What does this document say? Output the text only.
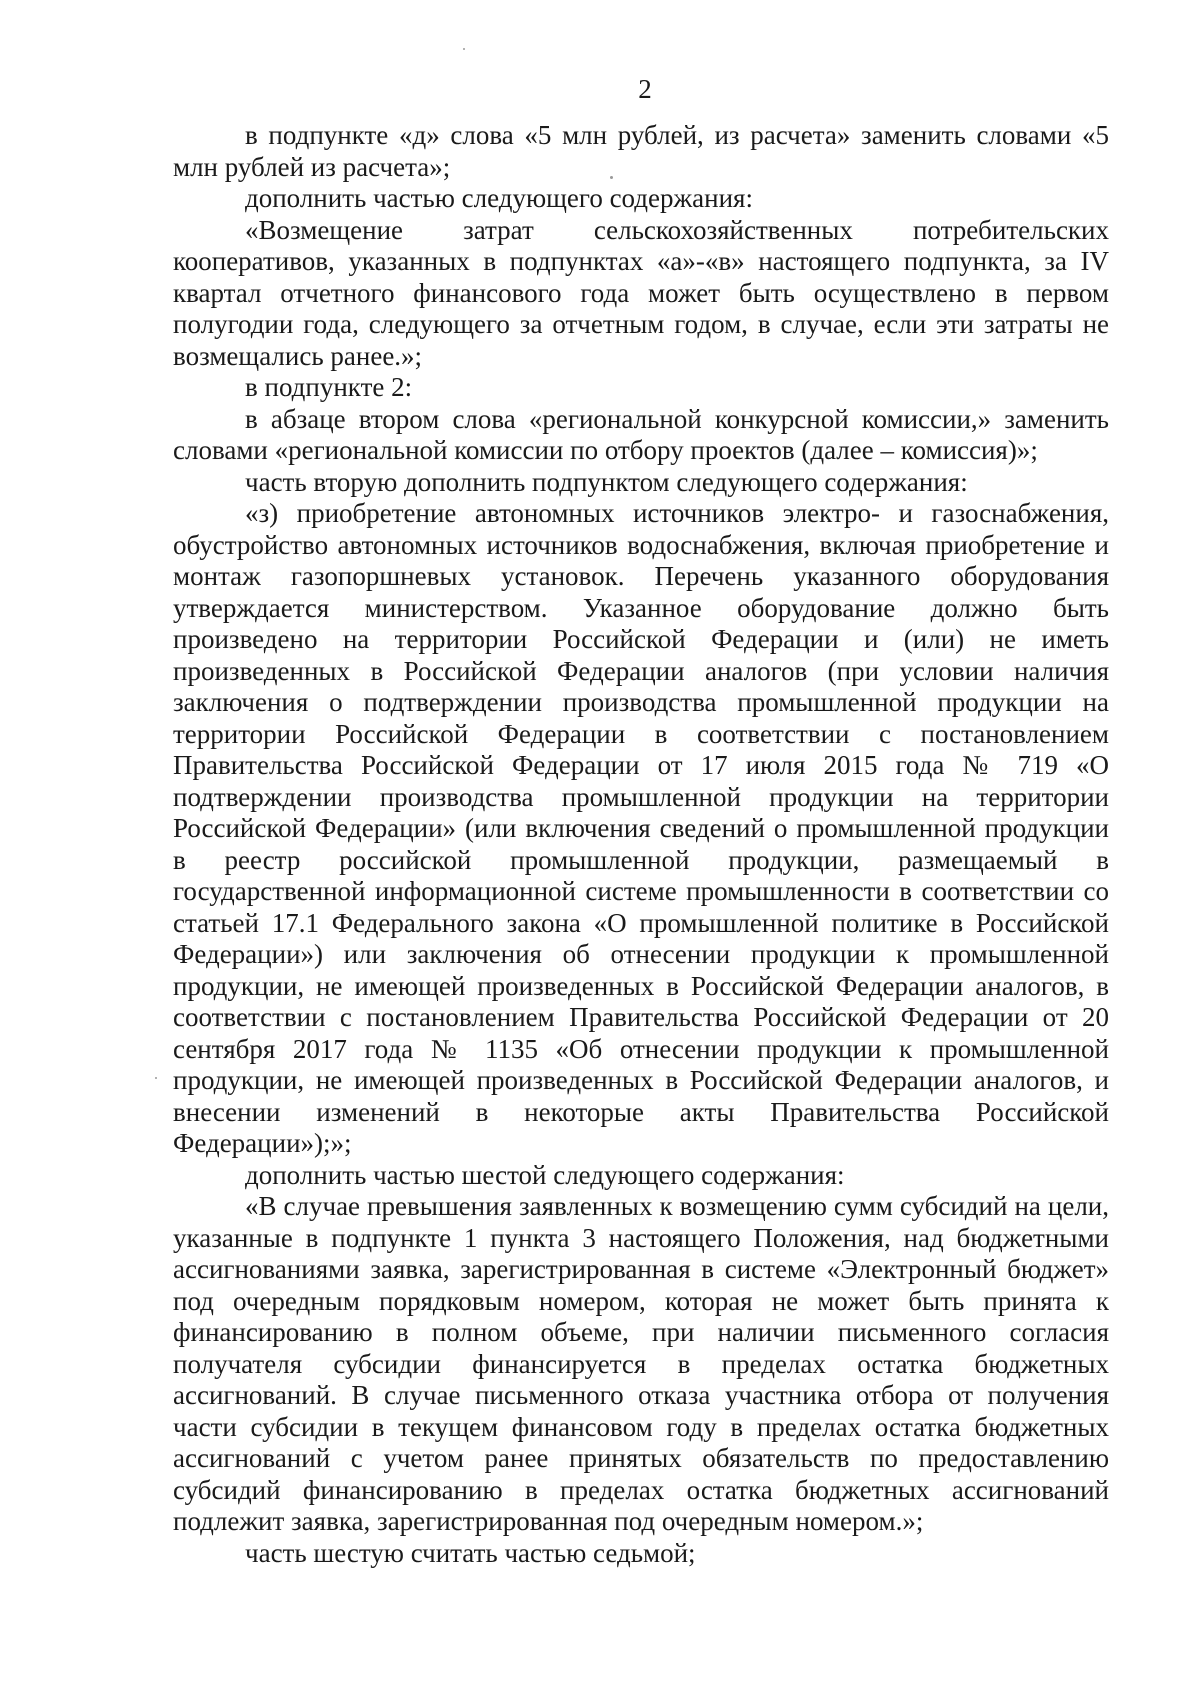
2

в подпункте «д» слова «5 млн рублей, из расчета» заменить словами «5 млн рублей из расчета»;

дополнить частью следующего содержания:

«Возмещение затрат сельскохозяйственных потребительских кооперативов, указанных в подпунктах «а»-«в» настоящего подпункта, за IV квартал отчетного финансового года может быть осуществлено в первом полугодии года, следующего за отчетным годом, в случае, если эти затраты не возмещались ранее.»;

в подпункте 2:

в абзаце втором слова «региональной конкурсной комиссии,» заменить словами «региональной комиссии по отбору проектов (далее – комиссия)»;

часть вторую дополнить подпунктом следующего содержания:

«з) приобретение автономных источников электро- и газоснабжения, обустройство автономных источников водоснабжения, включая приобретение и монтаж газопоршневых установок. Перечень указанного оборудования утверждается министерством. Указанное оборудование должно быть произведено на территории Российской Федерации и (или) не иметь произведенных в Российской Федерации аналогов (при условии наличия заключения о подтверждении производства промышленной продукции на территории Российской Федерации в соответствии с постановлением Правительства Российской Федерации от 17 июля 2015 года № 719 «О подтверждении производства промышленной продукции на территории Российской Федерации» (или включения сведений о промышленной продукции в реестр российской промышленной продукции, размещаемый в государственной информационной системе промышленности в соответствии со статьей 17.1 Федерального закона «О промышленной политике в Российской Федерации») или заключения об отнесении продукции к промышленной продукции, не имеющей произведенных в Российской Федерации аналогов, в соответствии с постановлением Правительства Российской Федерации от 20 сентября 2017 года № 1135 «Об отнесении продукции к промышленной продукции, не имеющей произведенных в Российской Федерации аналогов, и внесении изменений в некоторые акты Правительства Российской Федерации»);»;

дополнить частью шестой следующего содержания:

«В случае превышения заявленных к возмещению сумм субсидий на цели, указанные в подпункте 1 пункта 3 настоящего Положения, над бюджетными ассигнованиями заявка, зарегистрированная в системе «Электронный бюджет» под очередным порядковым номером, которая не может быть принята к финансированию в полном объеме, при наличии письменного согласия получателя субсидии финансируется в пределах остатка бюджетных ассигнований. В случае письменного отказа участника отбора от получения части субсидии в текущем финансовом году в пределах остатка бюджетных ассигнований с учетом ранее принятых обязательств по предоставлению субсидий финансированию в пределах остатка бюджетных ассигнований подлежит заявка, зарегистрированная под очередным номером.»;

часть шестую считать частью седьмой;
